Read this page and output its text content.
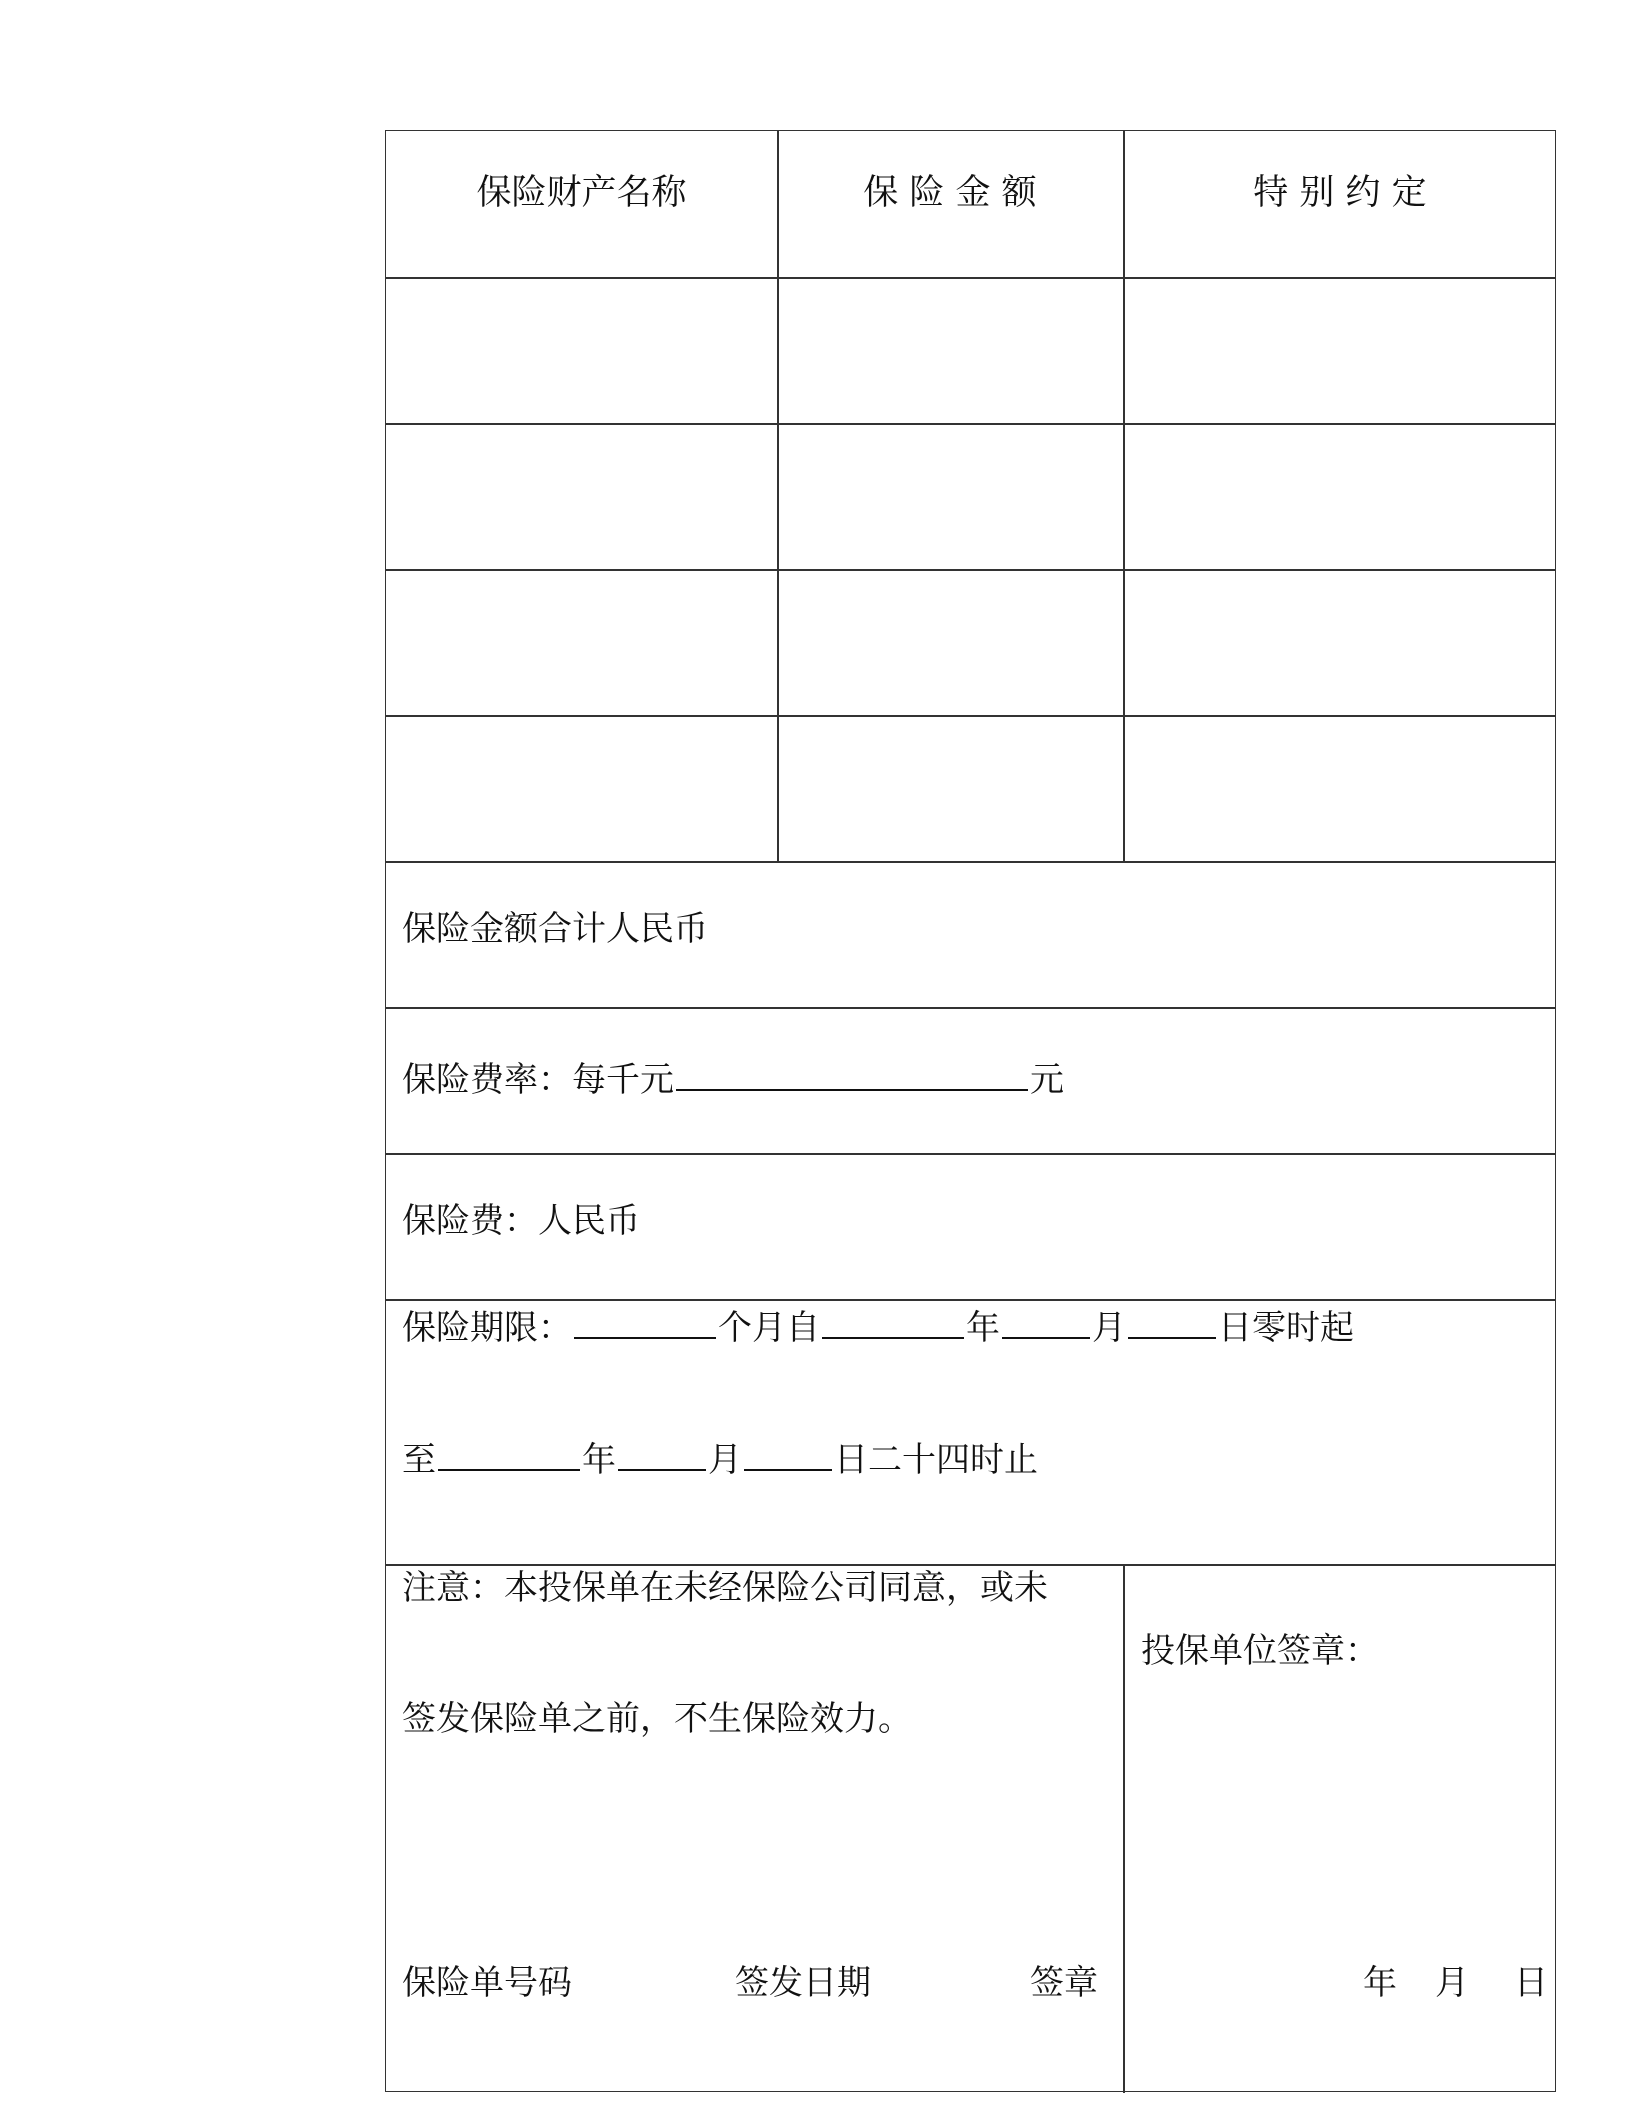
保险财产名称	保 险 金 额	特 别 约 定
保险金额合计人民币
保险费率：每千元	元
保险费：人民币
保险期限：	个月自	年	月	日零时起
至	年	月	日二十四时止
注意：本投保单在未经保险公司同意，或未
签发保险单之前，不生保险效力。
保险单号码	签发日期	签章
投保单位签章：
年 月 日
